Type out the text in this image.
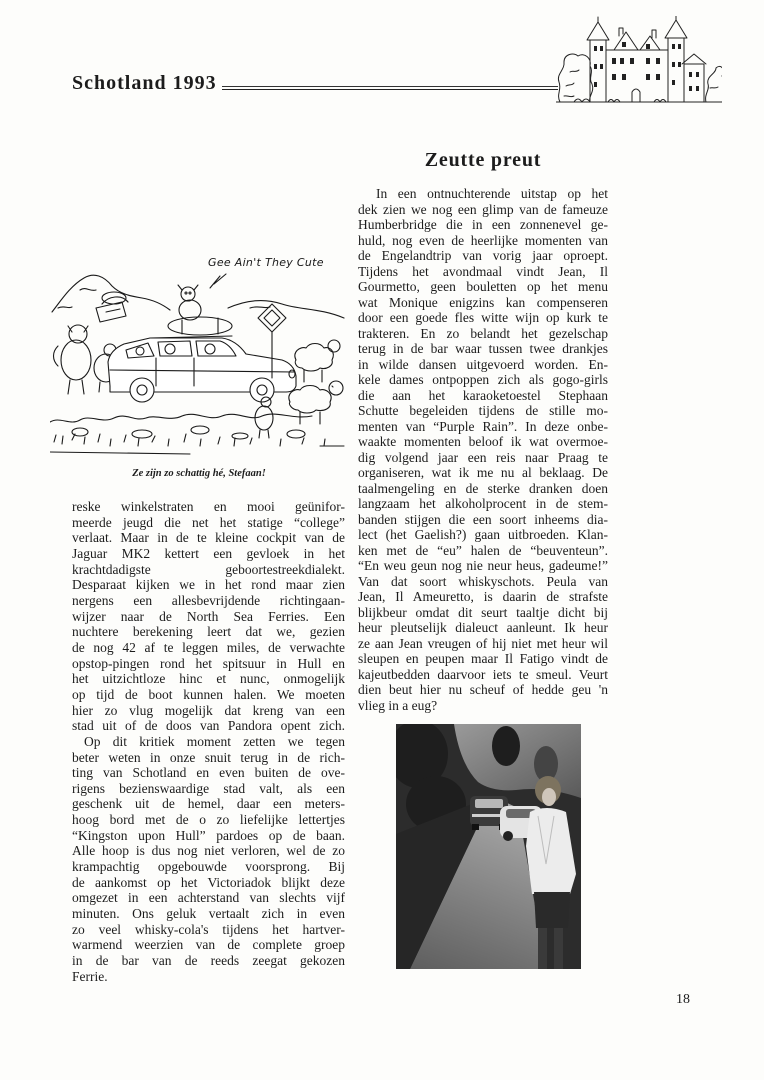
Schotland 1993
Zeutte preut
In een ontnuchterende uitstap op het
dek zien we nog een glimp van de fameuze
Humberbridge die in een zonnenevel ge-
huld, nog even de heerlijke momenten van
de Engelandtrip van vorig jaar oproept.
Tijdens het avondmaal vindt Jean, Il
Gourmetto, geen bouletten op het menu
wat Monique enigzins kan compenseren
door een goede fles witte wijn op kurk te
trakteren. En zo belandt het gezelschap
terug in de bar waar tussen twee drankjes
in wilde dansen uitgevoerd worden. En-
kele dames ontpoppen zich als gogo-girls
die aan het karaoketoestel Stephaan
Schutte begeleiden tijdens de stille mo-
menten van “Purple Rain”. In deze onbe-
waakte momenten beloof ik wat overmoe-
dig volgend jaar een reis naar Praag te
organiseren, wat ik me nu al beklaag. De
taalmengeling en de sterke dranken doen
langzaam het alkoholprocent in de stem-
banden stijgen die een soort inheems dia-
lect (het Gaelish?) gaan uitbroeden. Klan-
ken met de “eu” halen de “beuventeun”.
“En weu geun nog nie neur heus, gadeume!”
Van dat soort whiskyschots. Peula van
Jean, Il Ameuretto, is daarin de strafste
blijkbeur omdat dit seurt taaltje dicht bij
heur pleutselijk dialeuct aanleunt. Ik heur
ze aan Jean vreugen of hij niet met heur wil
sleupen en peupen maar Il Fatigo vindt de
kajeutbedden daarvoor iets te smeul. Veurt
dien beut hier nu scheuf of hedde geu 'n
vlieg in a eug?
Gee Ain't They Cute
Ze zijn zo schattig hé, Stefaan!
reske winkelstraten en mooi geünifor-
meerde jeugd die net het statige “college”
verlaat. Maar in de te kleine cockpit van de
Jaguar MK2 kettert een gevloek in het
krachtdadigste geboortestreekdialekt.
Desparaat kijken we in het rond maar zien
nergens een allesbevrijdende richtingaan-
wijzer naar de North Sea Ferries. Een
nuchtere berekening leert dat we, gezien
de nog 42 af te leggen miles, de verwachte
opstop-pingen rond het spitsuur in Hull en
het uitzichtloze hinc et nunc, onmogelijk
op tijd de boot kunnen halen. We moeten
hier zo vlug mogelijk dat kreng van een
stad uit of de doos van Pandora opent zich.
Op dit kritiek moment zetten we tegen
beter weten in onze snuit terug in de rich-
ting van Schotland en even buiten de ove-
rigens bezienswaardige stad valt, als een
geschenk uit de hemel, daar een meters-
hoog bord met de o zo liefelijke lettertjes
“Kingston upon Hull” pardoes op de baan.
Alle hoop is dus nog niet verloren, wel de zo
krampachtig opgebouwde voorsprong. Bij
de aankomst op het Victoriadok blijkt deze
omgezet in een achterstand van slechts vijf
minuten. Ons geluk vertaalt zich in even
zo veel whisky-cola's tijdens het hartver-
warmend weerzien van de complete groep
in de bar van de reeds zeegat gekozen
Ferrie.
18
